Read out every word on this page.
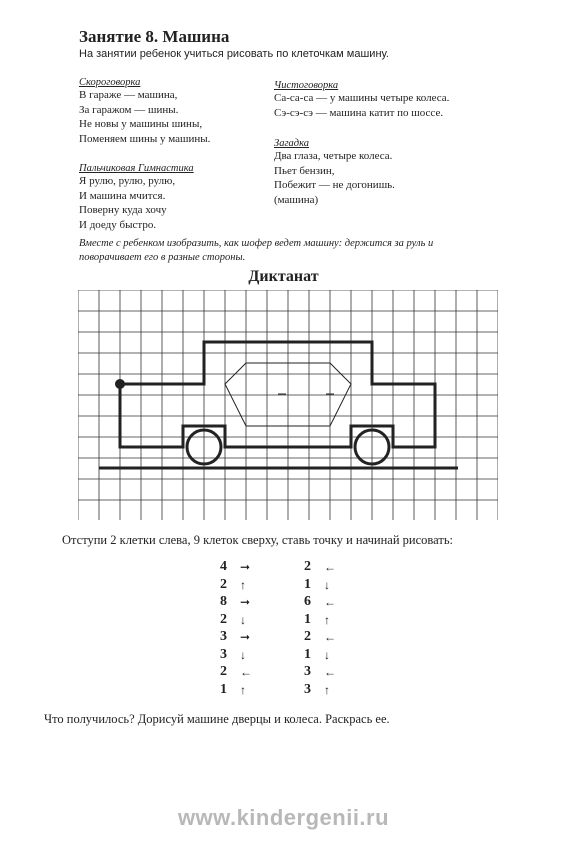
Занятие 8. Машина
На занятии ребенок учиться рисовать по клеточкам машину.
Скороговорка
В гараже — машина,
За гаражом — шины.
Не новы у машины шины,
Поменяем шины у машины.
Пальчиковая Гимнастика
Я рулю, рулю, рулю,
И машина мчится.
Поверну куда хочу
И доеду быстро.
Чистоговорка
Са-са-са — у машины четыре колеса.
Сэ-сэ-сэ — машина катит по шоссе.
Загадка
Два глаза, четыре колеса.
Пьет бензин,
Побежит — не догонишь.
(машина)
Вместе с ребенком изобразить, как шофер ведет машину: держится за руль и
поворачивает его в разные стороны.
Диктанат
Отступи 2 клетки слева, 9 клеток сверху, ставь точку и начинай рисовать:
4 ➞
2 ↑
8 ➞
2 ↓
3 ➞
3 ↓
2 ←
1 ↑
2 ←
1 ↓
6 ←
1 ↑
2 ←
1 ↓
3 ←
3 ↑
Что получилось? Дорисуй машине дверцы и колеса. Раскрась ее.
www.kindergenii.ru
